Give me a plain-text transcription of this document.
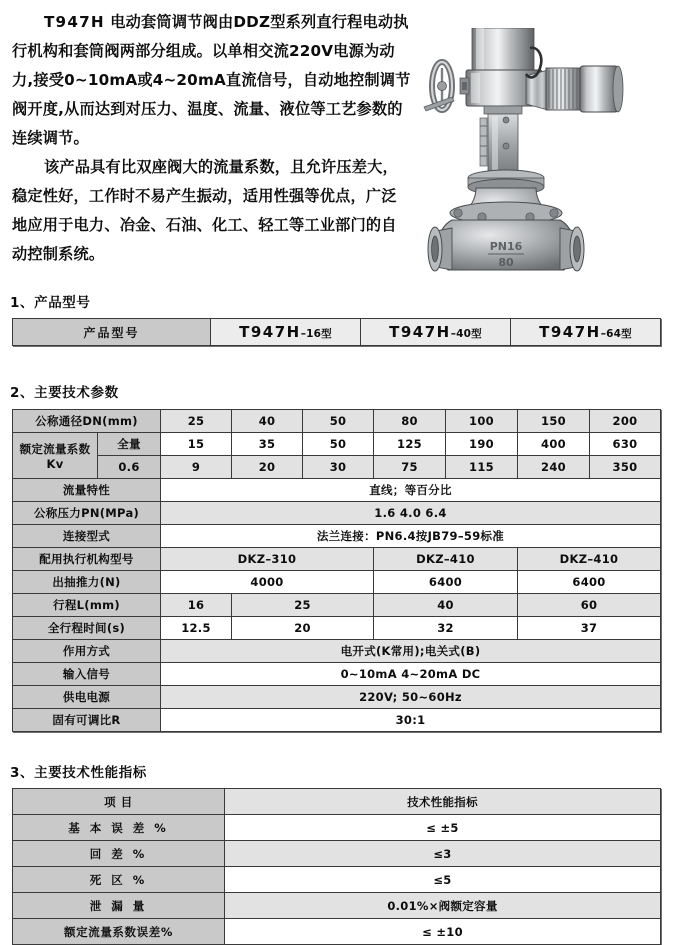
T947H 电动套筒调节阀由DDZ型系列直行程电动执行机构和套筒阀两部分组成。以单相交流220V电源为动力,接受0~10mA或4~20mA直流信号，自动地控制调节阀开度,从而达到对压力、温度、流量、液位等工艺参数的连续调节。

该产品具有比双座阀大的流量系数，且允许压差大，稳定性好，工作时不易产生振动，适用性强等优点，广泛地应用于电力、冶金、石油、化工、轻工等工业部门的自动控制系统。	PN16
80
1、产品型号
产品型号	T947H–16型	T947H–40型	T947H–64型
2、主要技术参数
公称通径DN(mm)		25	40	50	80	100	150	200

额定流量系数
Kv	全量	15	35	50	125	190	400	630
	0.6	9	20	30	75	115	240	350
流量特性		直线；等百分比						
公称压力PN(MPa)		1.6 4.0 6.4						
连接型式		法兰连接：PN6.4按JB79–59标准						
配用执行机构型号		DKZ–310			DKZ–410		DKZ–410	
出抽推力(N)		4000			6400		6400	
行程L(mm)		16	25		40		60	
全行程时间(s)		12.5	20		32		37	
作用方式		电开式(K常用);电关式(B)						
输入信号		0~10mA 4~20mA DC						
供电电源		220V; 50~60Hz						
固有可调比R		30:1						
3、主要技术性能指标
项 目	技术性能指标
基 本 误 差 %	≤ ±5
回 差 %	≤3
死 区 %	≤5
泄 漏 量	0.01%×阀额定容量
额定流量系数误差%	≤ ±10
